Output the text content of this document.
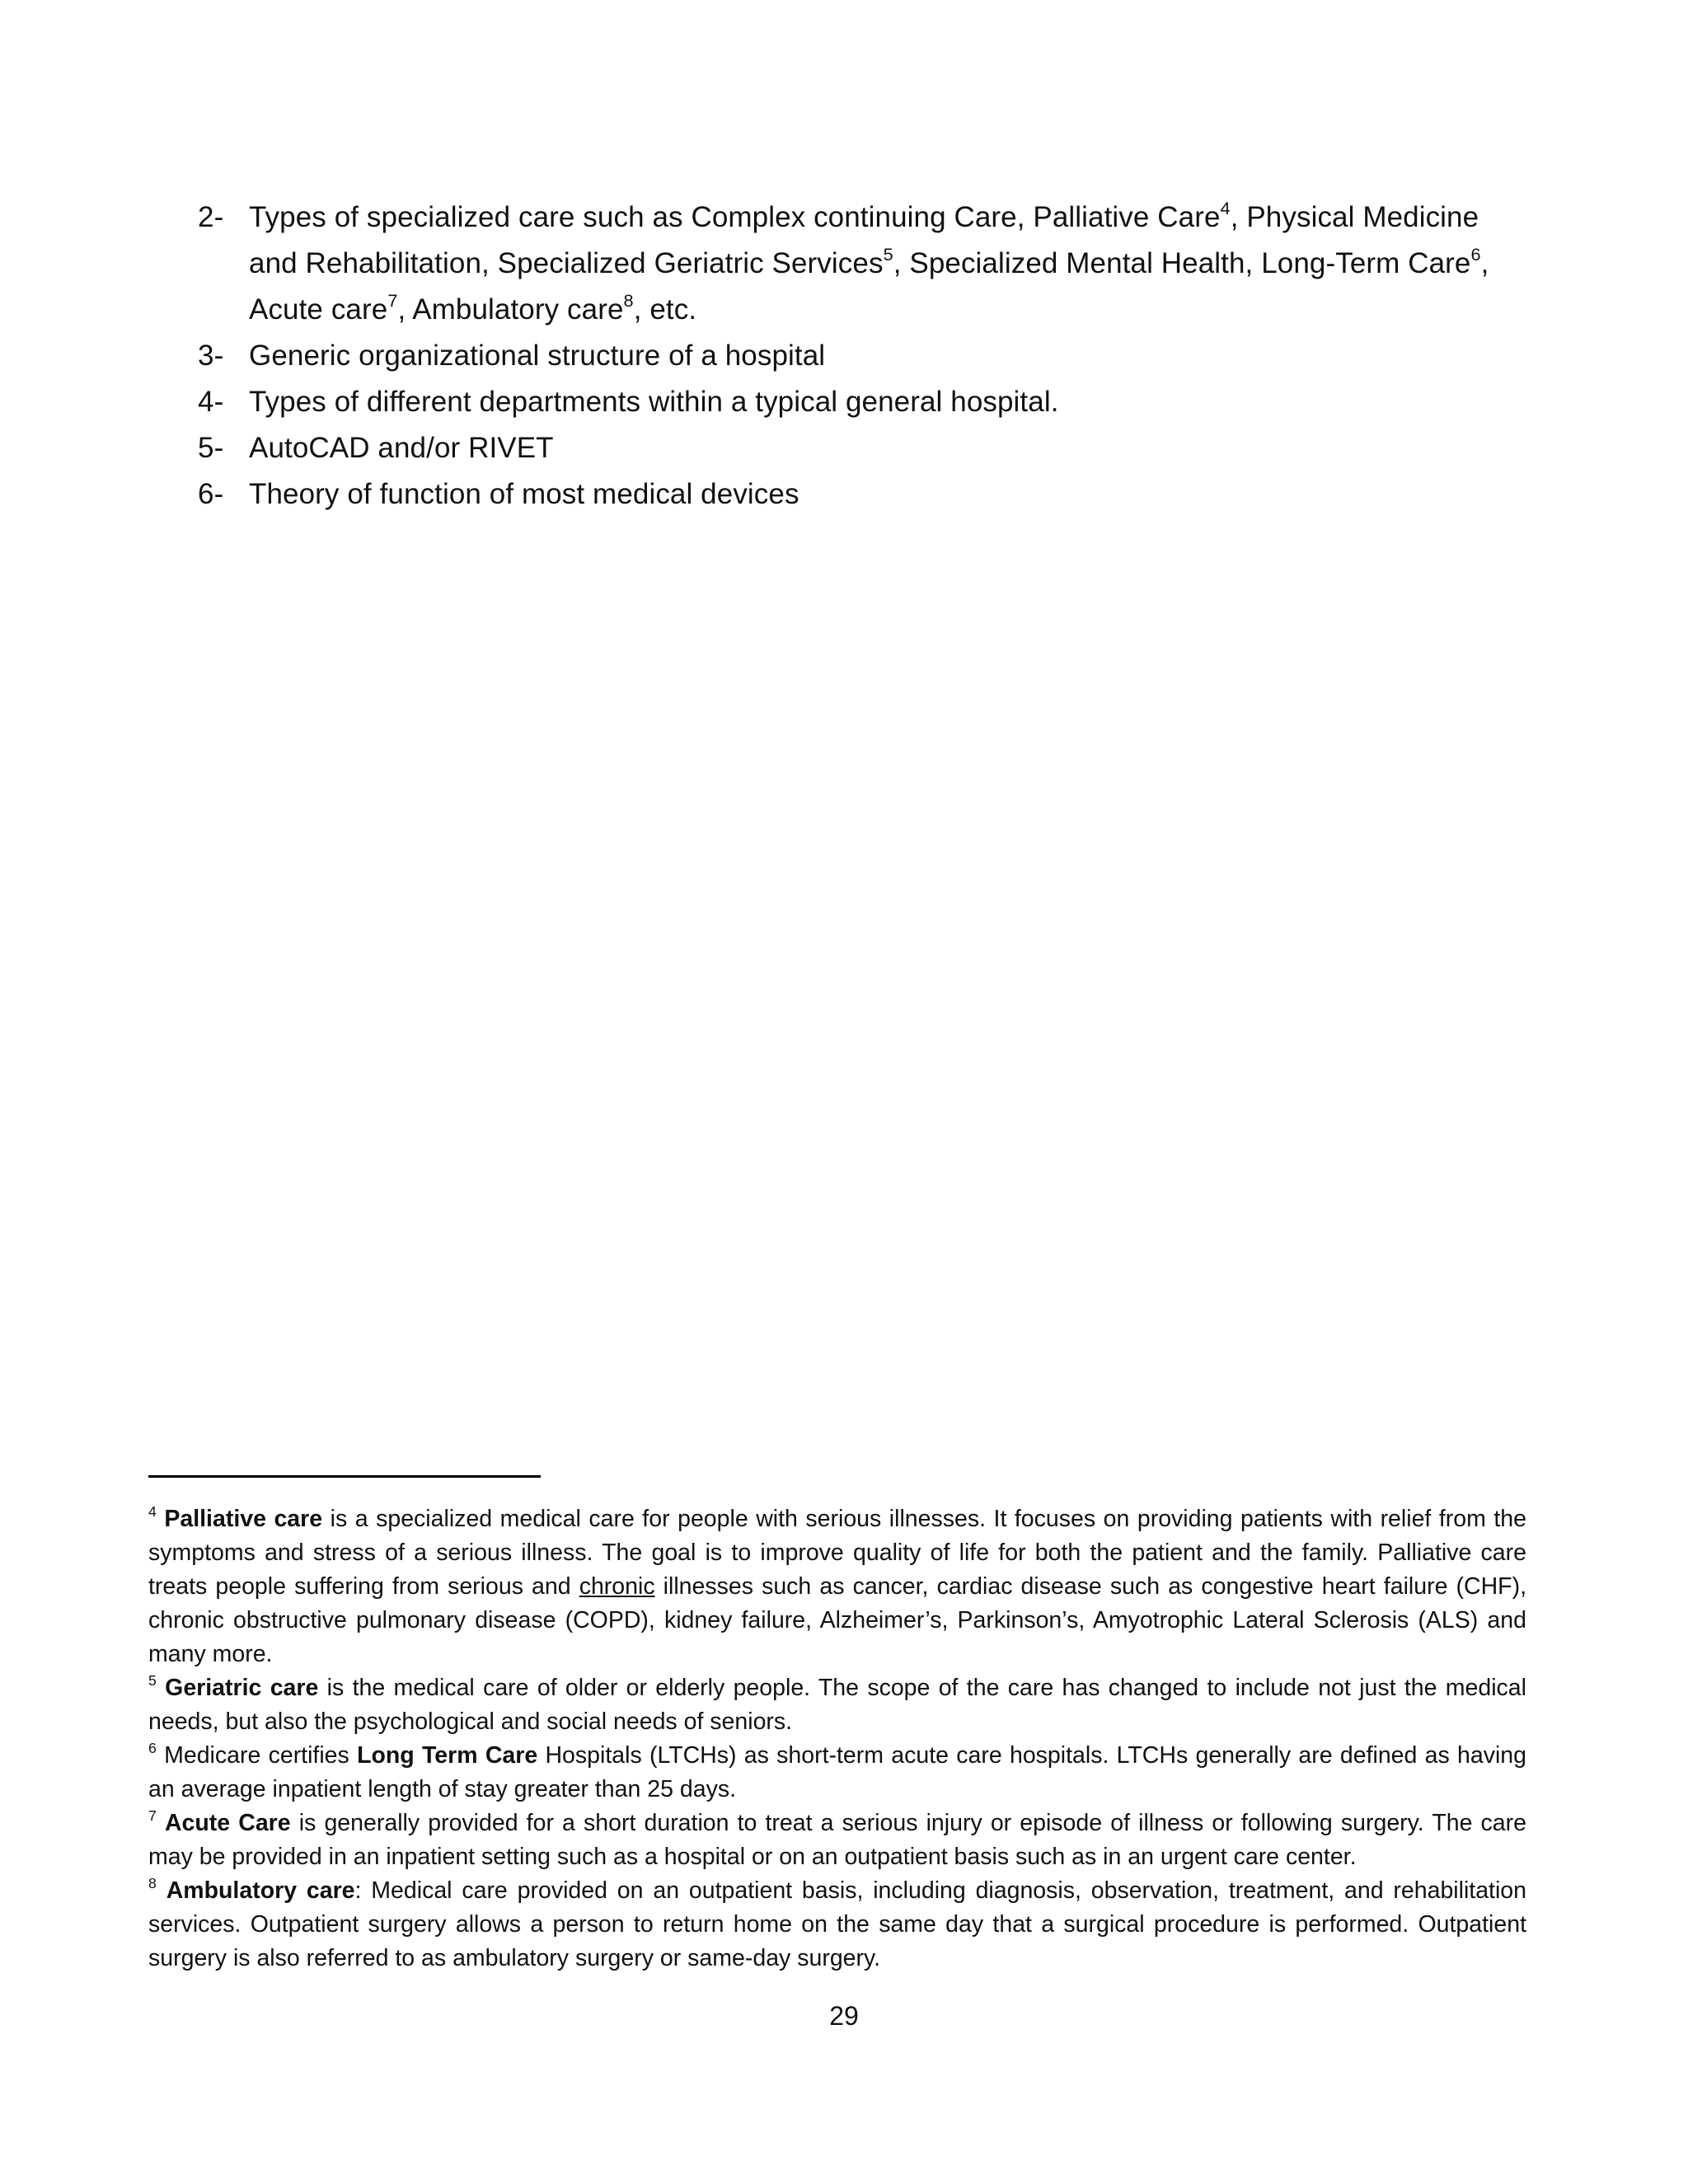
2- Types of specialized care such as Complex continuing Care, Palliative Care$^4$, Physical Medicine and Rehabilitation, Specialized Geriatric Services$^5$, Specialized Mental Health, Long-Term Care$^6$, Acute care$^7$, Ambulatory care$^8$, etc.
3- Generic organizational structure of a hospital
4- Types of different departments within a typical general hospital.
5- AutoCAD and/or RIVET
6- Theory of function of most medical devices

$^4$ Palliative care is a specialized medical care for people with serious illnesses. It focuses on providing patients with relief from the symptoms and stress of a serious illness. The goal is to improve quality of life for both the patient and the family. Palliative care treats people suffering from serious and chronic illnesses such as cancer, cardiac disease such as congestive heart failure (CHF), chronic obstructive pulmonary disease (COPD), kidney failure, Alzheimer’s, Parkinson’s, Amyotrophic Lateral Sclerosis (ALS) and many more.

$^5$ Geriatric care is the medical care of older or elderly people. The scope of the care has changed to include not just the medical needs, but also the psychological and social needs of seniors.

$^6$ Medicare certifies Long Term Care Hospitals (LTCHs) as short-term acute care hospitals. LTCHs generally are defined as having an average inpatient length of stay greater than 25 days.

$^7$ Acute Care is generally provided for a short duration to treat a serious injury or episode of illness or following surgery. The care may be provided in an inpatient setting such as a hospital or on an outpatient basis such as in an urgent care center.

$^8$ Ambulatory care: Medical care provided on an outpatient basis, including diagnosis, observation, treatment, and rehabilitation services. Outpatient surgery allows a person to return home on the same day that a surgical procedure is performed. Outpatient surgery is also referred to as ambulatory surgery or same-day surgery.

29
